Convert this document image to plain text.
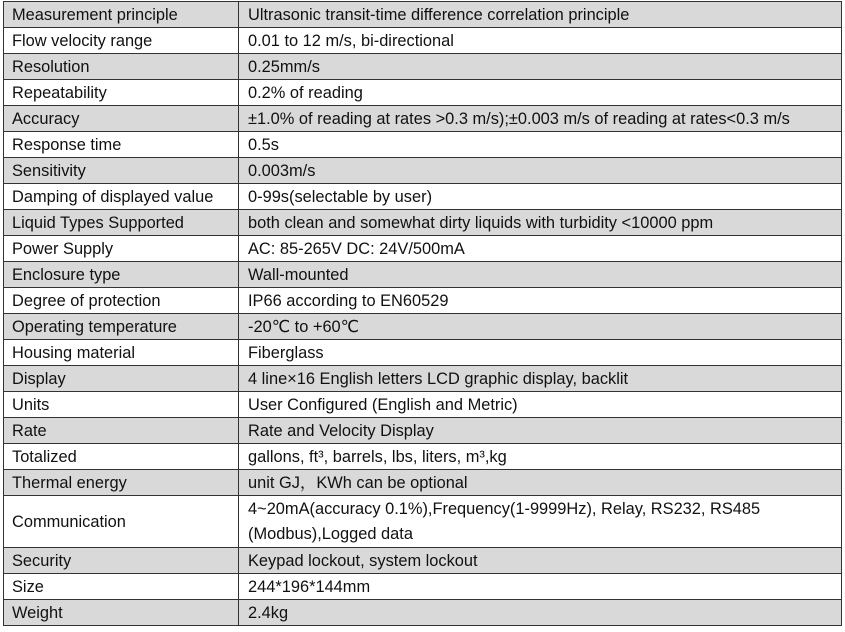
Measurement principle	Ultrasonic transit-time difference correlation principle
Flow velocity range	0.01 to 12 m/s, bi-directional
Resolution	0.25mm/s
Repeatability	0.2% of reading
Accuracy	±1.0% of reading at rates >0.3 m/s);±0.003 m/s of reading at rates<0.3 m/s
Response time	0.5s
Sensitivity	0.003m/s
Damping of displayed value	0-99s(selectable by user)
Liquid Types Supported	both clean and somewhat dirty liquids with turbidity <10000 ppm
Power Supply	AC: 85-265V DC: 24V/500mA
Enclosure type	Wall-mounted
Degree of protection	IP66 according to EN60529
Operating temperature	-20℃ to +60℃
Housing material	Fiberglass
Display	4 line×16 English letters LCD graphic display, backlit
Units	User Configured (English and Metric)
Rate	Rate and Velocity Display
Totalized	gallons, ft³, barrels, lbs, liters, m³,kg
Thermal energy	unit GJ，KWh can be optional
Communication	4~20mA(accuracy 0.1%),Frequency(1-9999Hz), Relay, RS232, RS485 (Modbus),Logged data
Security	Keypad lockout, system lockout
Size	244*196*144mm
Weight	2.4kg
